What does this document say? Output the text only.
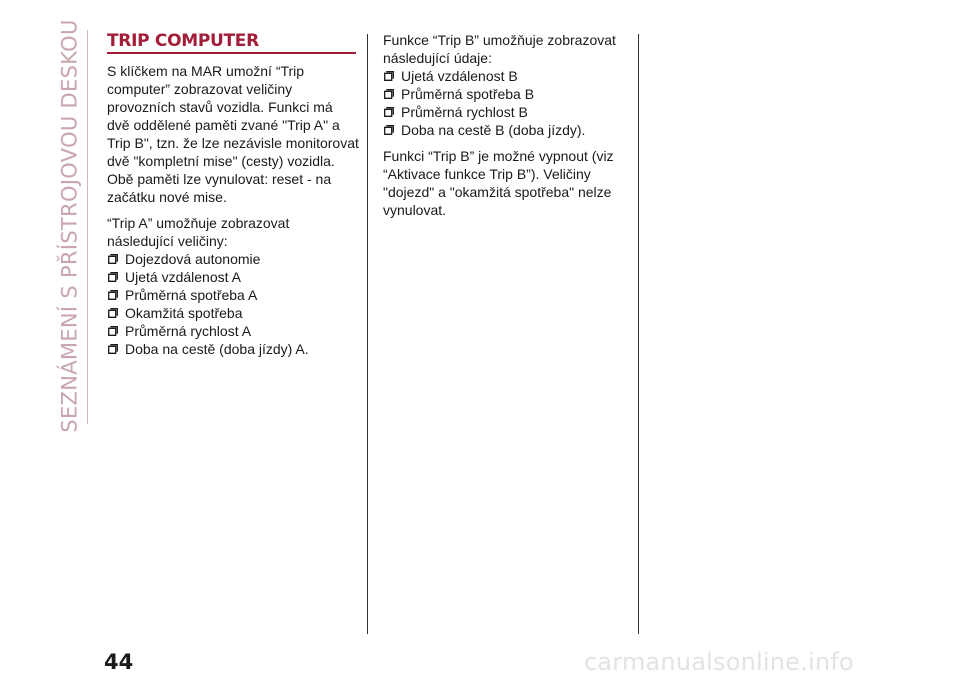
SEZNÁMENÍ S PŘÍSTROJOVOU DESKOU TRIP COMPUTER

S klíčkem na MAR umožní “Trip computer” zobrazovat veličiny provozních stavů vozidla. Funkci má dvě oddělené paměti zvané "Trip A" a Trip B", tzn. že lze nezávisle monitorovat dvě "kompletní mise" (cesty) vozidla. Obě paměti lze vynulovat: reset - na začátku nové mise.

“Trip A” umožňuje zobrazovat následující veličiny:

Dojezdová autonomie
Ujetá vzdálenost A
Průměrná spotřeba A
Okamžitá spotřeba
Průměrná rychlost A
Doba na cestě (doba jízdy) A.

Funkce “Trip B” umožňuje zobrazovat následující údaje:

Ujetá vzdálenost B
Průměrná spotřeba B
Průměrná rychlost B
Doba na cestě B (doba jízdy).

Funkci “Trip B” je možné vypnout (viz “Aktivace funkce Trip B”). Veličiny "dojezd" a "okamžitá spotřeba" nelze vynulovat.

44	carmanualsonline.info
